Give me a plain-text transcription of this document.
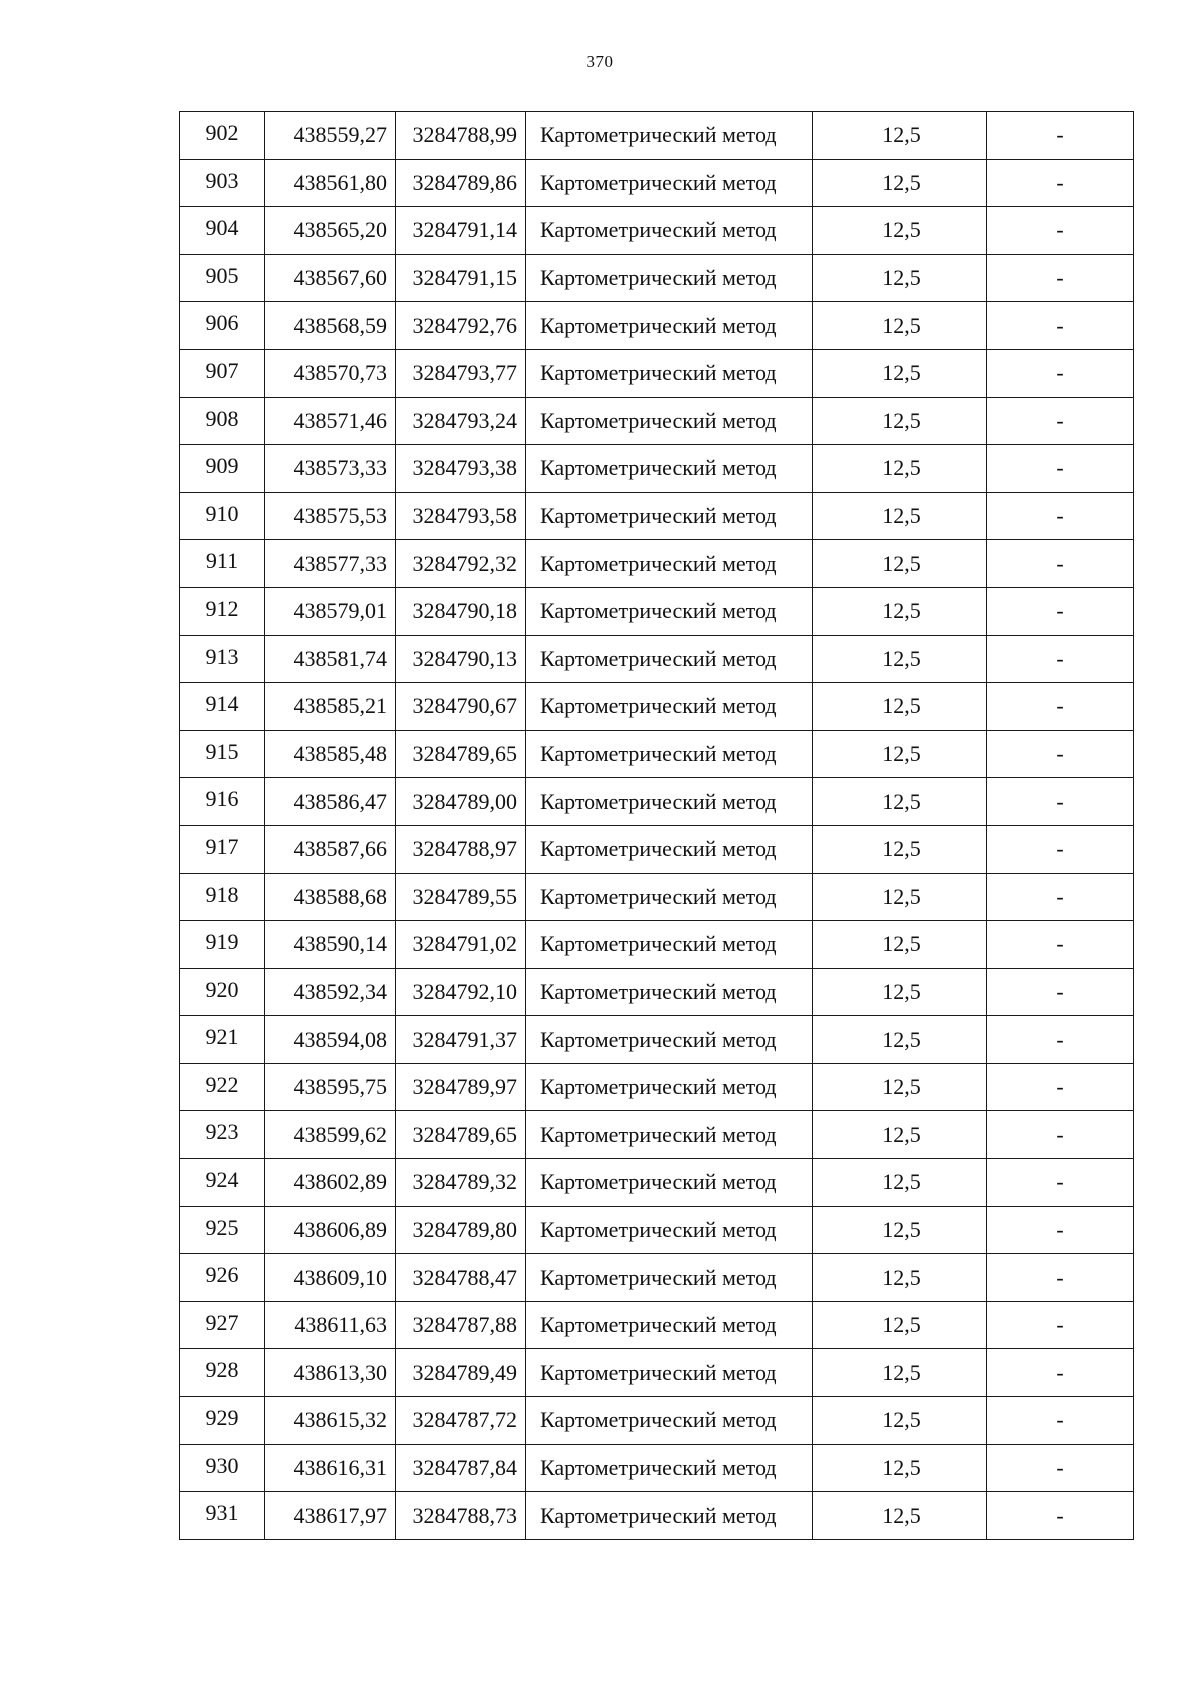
370
902	438559,27	3284788,99	Картометрический метод	12,5	-
903	438561,80	3284789,86	Картометрический метод	12,5	-
904	438565,20	3284791,14	Картометрический метод	12,5	-
905	438567,60	3284791,15	Картометрический метод	12,5	-
906	438568,59	3284792,76	Картометрический метод	12,5	-
907	438570,73	3284793,77	Картометрический метод	12,5	-
908	438571,46	3284793,24	Картометрический метод	12,5	-
909	438573,33	3284793,38	Картометрический метод	12,5	-
910	438575,53	3284793,58	Картометрический метод	12,5	-
911	438577,33	3284792,32	Картометрический метод	12,5	-
912	438579,01	3284790,18	Картометрический метод	12,5	-
913	438581,74	3284790,13	Картометрический метод	12,5	-
914	438585,21	3284790,67	Картометрический метод	12,5	-
915	438585,48	3284789,65	Картометрический метод	12,5	-
916	438586,47	3284789,00	Картометрический метод	12,5	-
917	438587,66	3284788,97	Картометрический метод	12,5	-
918	438588,68	3284789,55	Картометрический метод	12,5	-
919	438590,14	3284791,02	Картометрический метод	12,5	-
920	438592,34	3284792,10	Картометрический метод	12,5	-
921	438594,08	3284791,37	Картометрический метод	12,5	-
922	438595,75	3284789,97	Картометрический метод	12,5	-
923	438599,62	3284789,65	Картометрический метод	12,5	-
924	438602,89	3284789,32	Картометрический метод	12,5	-
925	438606,89	3284789,80	Картометрический метод	12,5	-
926	438609,10	3284788,47	Картометрический метод	12,5	-
927	438611,63	3284787,88	Картометрический метод	12,5	-
928	438613,30	3284789,49	Картометрический метод	12,5	-
929	438615,32	3284787,72	Картометрический метод	12,5	-
930	438616,31	3284787,84	Картометрический метод	12,5	-
931	438617,97	3284788,73	Картометрический метод	12,5	-
